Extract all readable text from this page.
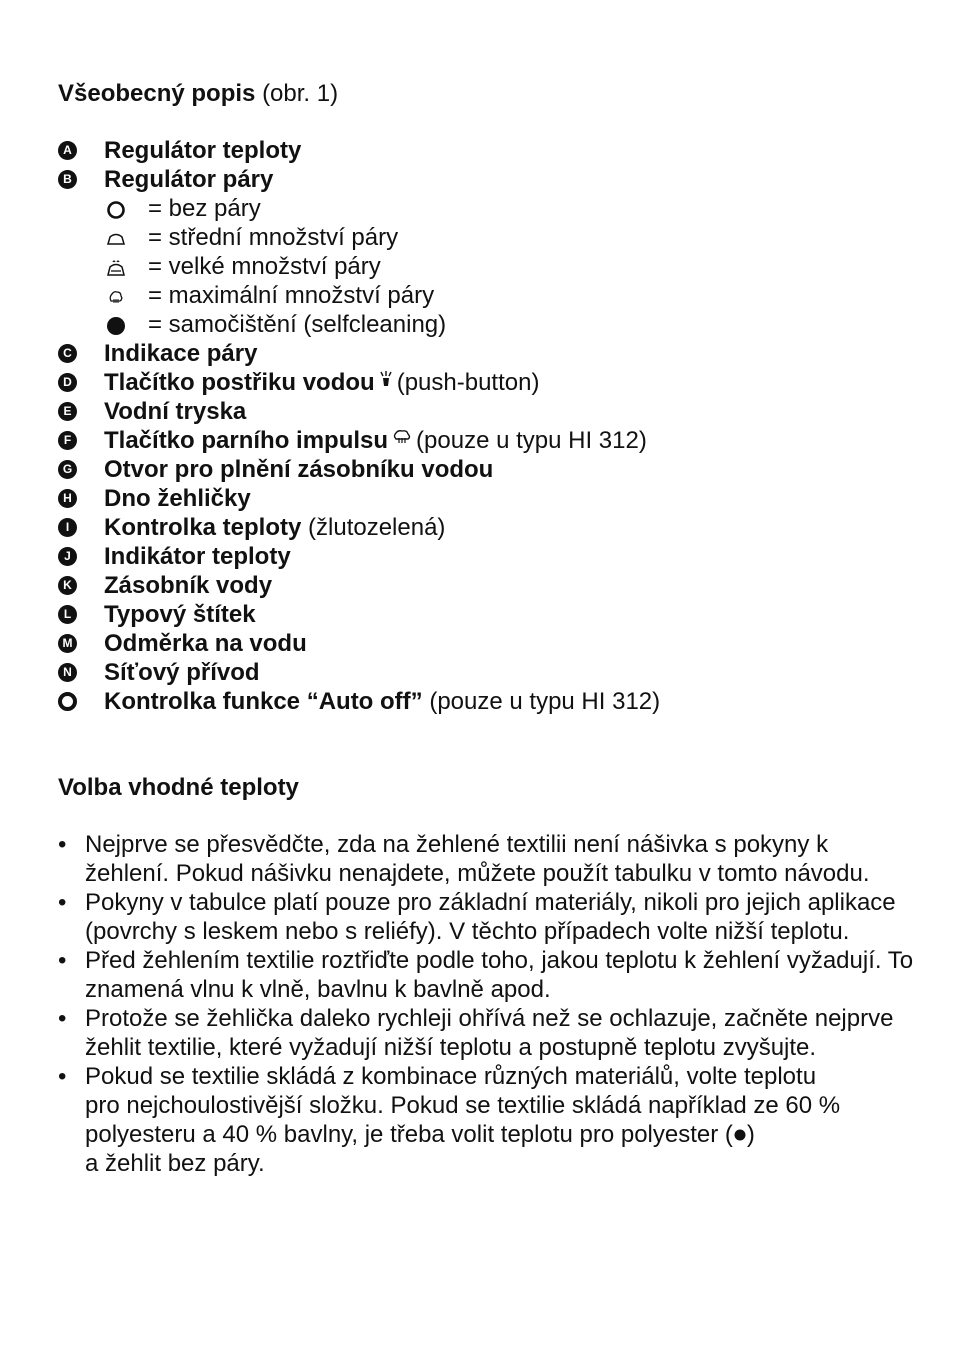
Všeobecný popis (obr. 1)
A Regulátor teploty
B Regulátor páry
= bez páry
= střední množství páry
= velké množství páry
= maximální množství páry
= samočištění (selfcleaning)
C Indikace páry
D Tlačítko postřiku vodou (push-button)
E Vodní tryska
F Tlačítko parního impulsu (pouze u typu HI 312)
G Otvor pro plnění zásobníku vodou
H Dno žehličky
I	Kontrolka teploty (žlutozelená)
J Indikátor teploty
K Zásobník vody
L Typový štítek
M Odměrka na vodu
N Síťový přívod
Kontrolka funkce “Auto off” (pouze u typu HI 312)
Volba vhodné teploty
• Nejprve se přesvědčte, zda na žehlené textilii není nášivka s pokyny k žehlení. Pokud nášivku nenajdete, můžete použít tabulku v tomto návodu.
• Pokyny v tabulce platí pouze pro základní materiály, nikoli pro jejich aplikace (povrchy s leskem nebo s reliéfy). V těchto případech volte nižší teplotu.
• Před žehlením textilie roztřiďte podle toho, jakou teplotu k žehlení vyžadují. To znamená vlnu k vlně, bavlnu k bavlně apod.
• Protože se žehlička daleko rychleji ohřívá než se ochlazuje, začněte nejprve žehlit textilie, které vyžadují nižší teplotu a postupně teplotu zvyšujte.
• Pokud se textilie skládá z kombinace různých materiálů, volte teplotu
pro nejchoulostivější složku. Pokud se textilie skládá například ze 60 %
polyesteru a 40 % bavlny, je třeba volit teplotu pro polyester ( )
a žehlit bez páry.
